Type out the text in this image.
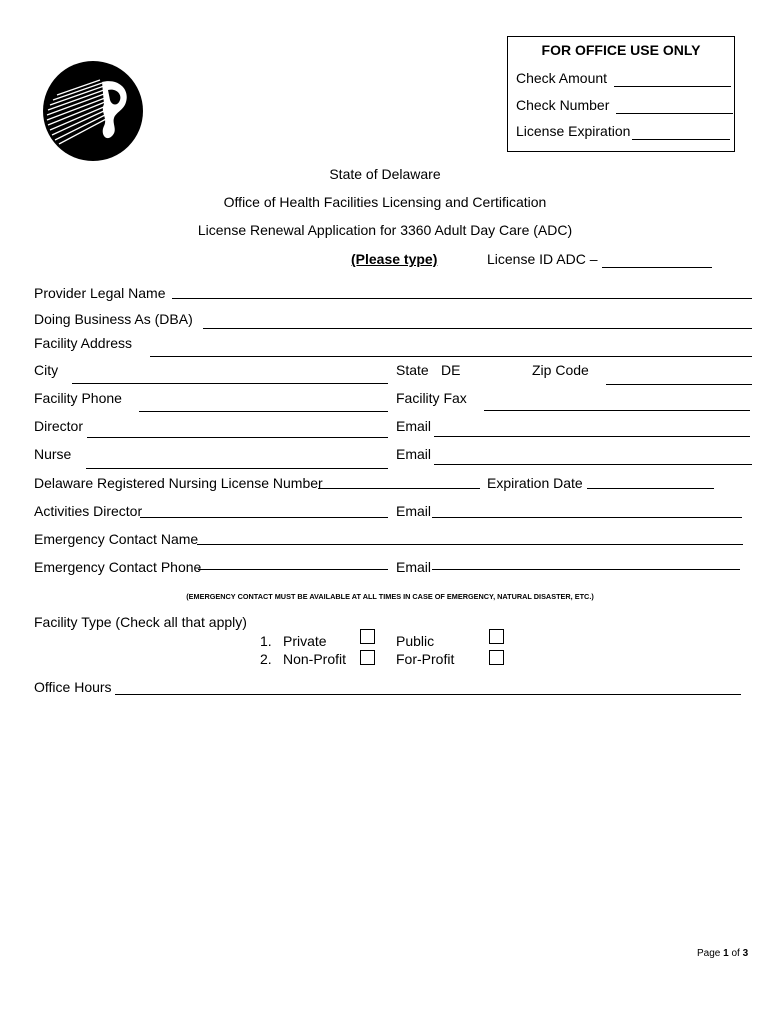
FOR OFFICE USE ONLY
Check Amount
Check Number
License Expiration
State of Delaware
Office of Health Facilities Licensing and Certification
License Renewal Application for 3360 Adult Day Care (ADC)
(Please type)	License ID ADC –
Provider Legal Name
Doing Business As (DBA)
Facility Address
City	State DE	Zip Code
Facility Phone	Facility Fax
Director	Email
Nurse	Email
Delaware Registered Nursing License Number	Expiration Date
Activities Director	Email
Emergency Contact Name
Emergency Contact Phone	Email
(EMERGENCY CONTACT MUST BE AVAILABLE AT ALL TIMES IN CASE OF EMERGENCY, NATURAL DISASTER, ETC.)
Facility Type (Check all that apply)
1. Private	Public
2. Non-Profit	For-Profit
Office Hours
Page 1 of 3
